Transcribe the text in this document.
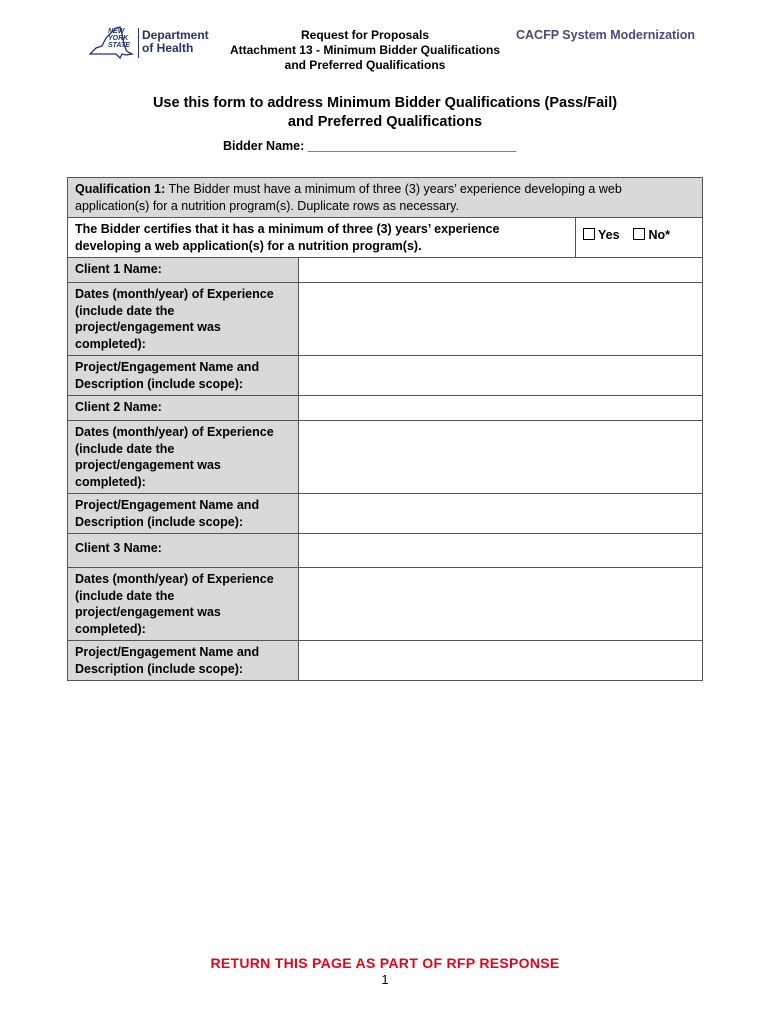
NEW
YORK
STATE
Department
of Health
Request for Proposals
Attachment 13 - Minimum Bidder Qualifications
and Preferred Qualifications
CACFP System Modernization
Use this form to address Minimum Bidder Qualifications (Pass/Fail)
and Preferred Qualifications
Bidder Name: ______________________________
Qualification 1: The Bidder must have a minimum of three (3) years’ experience developing a web application(s) for a nutrition program(s). Duplicate rows as necessary.		
The Bidder certifies that it has a minimum of three (3) years’ experience developing a web application(s) for a nutrition program(s).		Yes No*
Client 1 Name:		
Dates (month/year) of Experience (include date the project/engagement was completed):		
Project/Engagement Name and Description (include scope):		
Client 2 Name:		
Dates (month/year) of Experience (include date the project/engagement was completed):		
Project/Engagement Name and Description (include scope):		
Client 3 Name:		
Dates (month/year) of Experience (include date the project/engagement was completed):		
Project/Engagement Name and Description (include scope):		
RETURN THIS PAGE AS PART OF RFP RESPONSE
1
